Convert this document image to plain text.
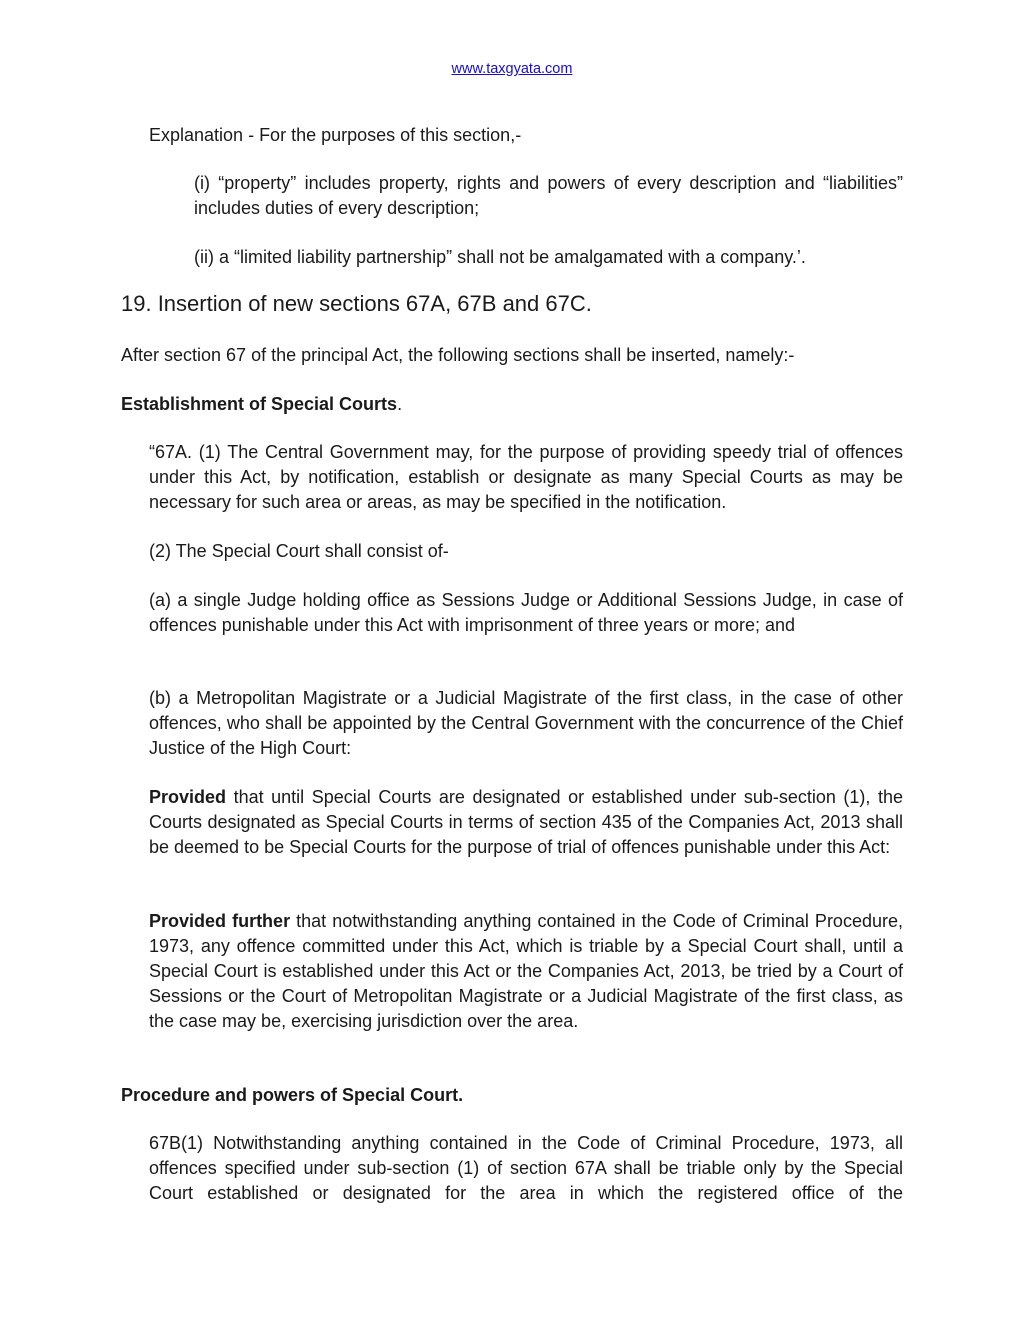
www.taxgyata.com

Explanation - For the purposes of this section,-

(i) “property” includes property, rights and powers of every description and “liabilities” includes duties of every description;

(ii) a “limited liability partnership” shall not be amalgamated with a company.’.

19. Insertion of new sections 67A, 67B and 67C.

After section 67 of the principal Act, the following sections shall be inserted, namely:-

Establishment of Special Courts.

“67A. (1) The Central Government may, for the purpose of providing speedy trial of offences under this Act, by notification, establish or designate as many Special Courts as may be necessary for such area or areas, as may be specified in the notification.

(2) The Special Court shall consist of-

(a) a single Judge holding office as Sessions Judge or Additional Sessions Judge, in case of offences punishable under this Act with imprisonment of three years or more; and

(b) a Metropolitan Magistrate or a Judicial Magistrate of the first class, in the case of other offences, who shall be appointed by the Central Government with the concurrence of the Chief Justice of the High Court:

Provided that until Special Courts are designated or established under sub-section (1), the Courts designated as Special Courts in terms of section 435 of the Companies Act, 2013 shall be deemed to be Special Courts for the purpose of trial of offences punishable under this Act:

Provided further that notwithstanding anything contained in the Code of Criminal Procedure, 1973, any offence committed under this Act, which is triable by a Special Court shall, until a Special Court is established under this Act or the Companies Act, 2013, be tried by a Court of Sessions or the Court of Metropolitan Magistrate or a Judicial Magistrate of the first class, as the case may be, exercising jurisdiction over the area.

Procedure and powers of Special Court.

67B(1) Notwithstanding anything contained in the Code of Criminal Procedure, 1973, all offences specified under sub-section (1) of section 67A shall be triable only by the Special Court established or designated for the area in which the registered office of the
